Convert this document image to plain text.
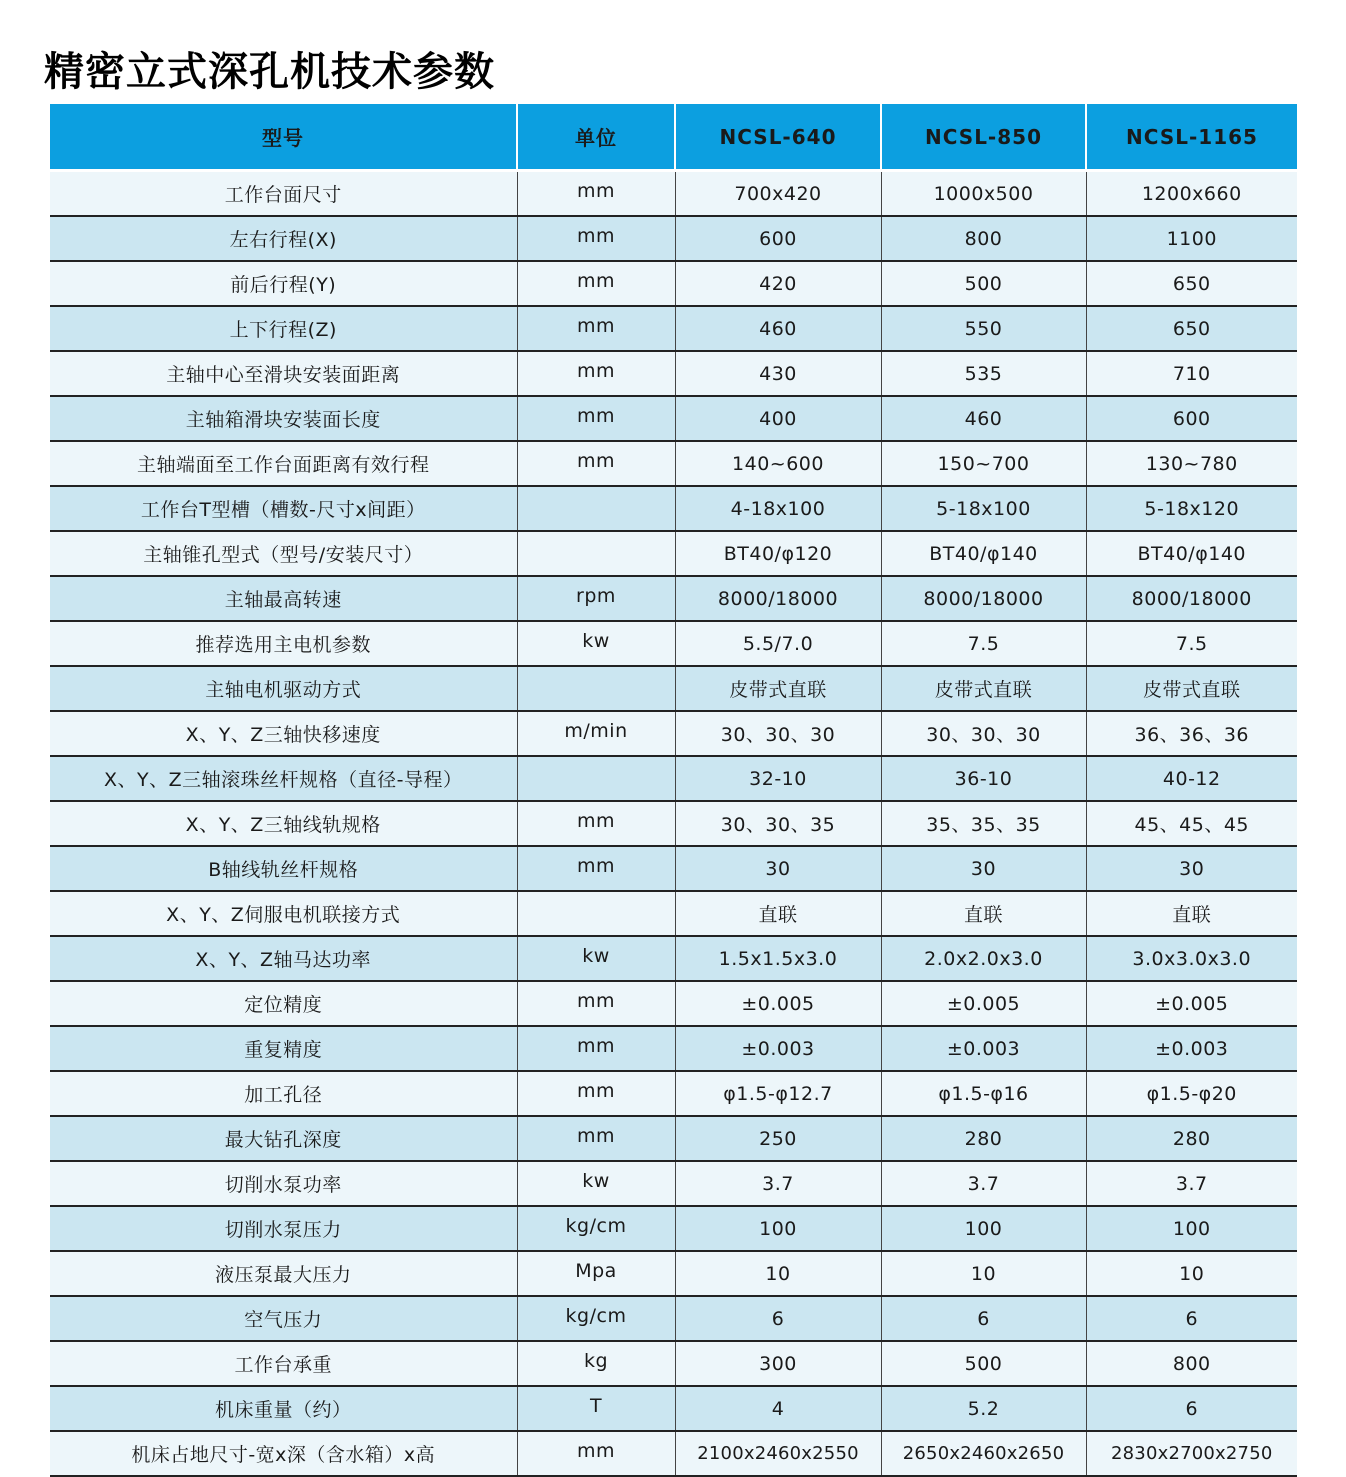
精密立式深孔机技术参数
型号	单位	NCSL-640	NCSL-850	NCSL-1165
工作台面尺寸	mm	700x420	1000x500	1200x660
左右行程(X)	mm	600	800	1100
前后行程(Y)	mm	420	500	650
上下行程(Z)	mm	460	550	650
主轴中心至滑块安装面距离	mm	430	535	710
主轴箱滑块安装面长度	mm	400	460	600
主轴端面至工作台面距离有效行程	mm	140~600	150~700	130~780
工作台T型槽（槽数-尺寸x间距）		4-18x100	5-18x100	5-18x120
主轴锥孔型式（型号/安装尺寸）		BT40/φ120	BT40/φ140	BT40/φ140
主轴最高转速	rpm	8000/18000	8000/18000	8000/18000
推荐选用主电机参数	kw	5.5/7.0	7.5	7.5
主轴电机驱动方式		皮带式直联	皮带式直联	皮带式直联
X、Y、Z三轴快移速度	m/min	30、30、30	30、30、30	36、36、36
X、Y、Z三轴滚珠丝杆规格（直径-导程）		32-10	36-10	40-12
X、Y、Z三轴线轨规格	mm	30、30、35	35、35、35	45、45、45
B轴线轨丝杆规格	mm	30	30	30
X、Y、Z伺服电机联接方式		直联	直联	直联
X、Y、Z轴马达功率	kw	1.5x1.5x3.0	2.0x2.0x3.0	3.0x3.0x3.0
定位精度	mm	±0.005	±0.005	±0.005
重复精度	mm	±0.003	±0.003	±0.003
加工孔径	mm	φ1.5-φ12.7	φ1.5-φ16	φ1.5-φ20
最大钻孔深度	mm	250	280	280
切削水泵功率	kw	3.7	3.7	3.7
切削水泵压力	kg/cm	100	100	100
液压泵最大压力	Mpa	10	10	10
空气压力	kg/cm	6	6	6
工作台承重	kg	300	500	800
机床重量（约）	T	4	5.2	6
机床占地尺寸-宽x深（含水箱）x高	mm	2100x2460x2550	2650x2460x2650	2830x2700x2750
